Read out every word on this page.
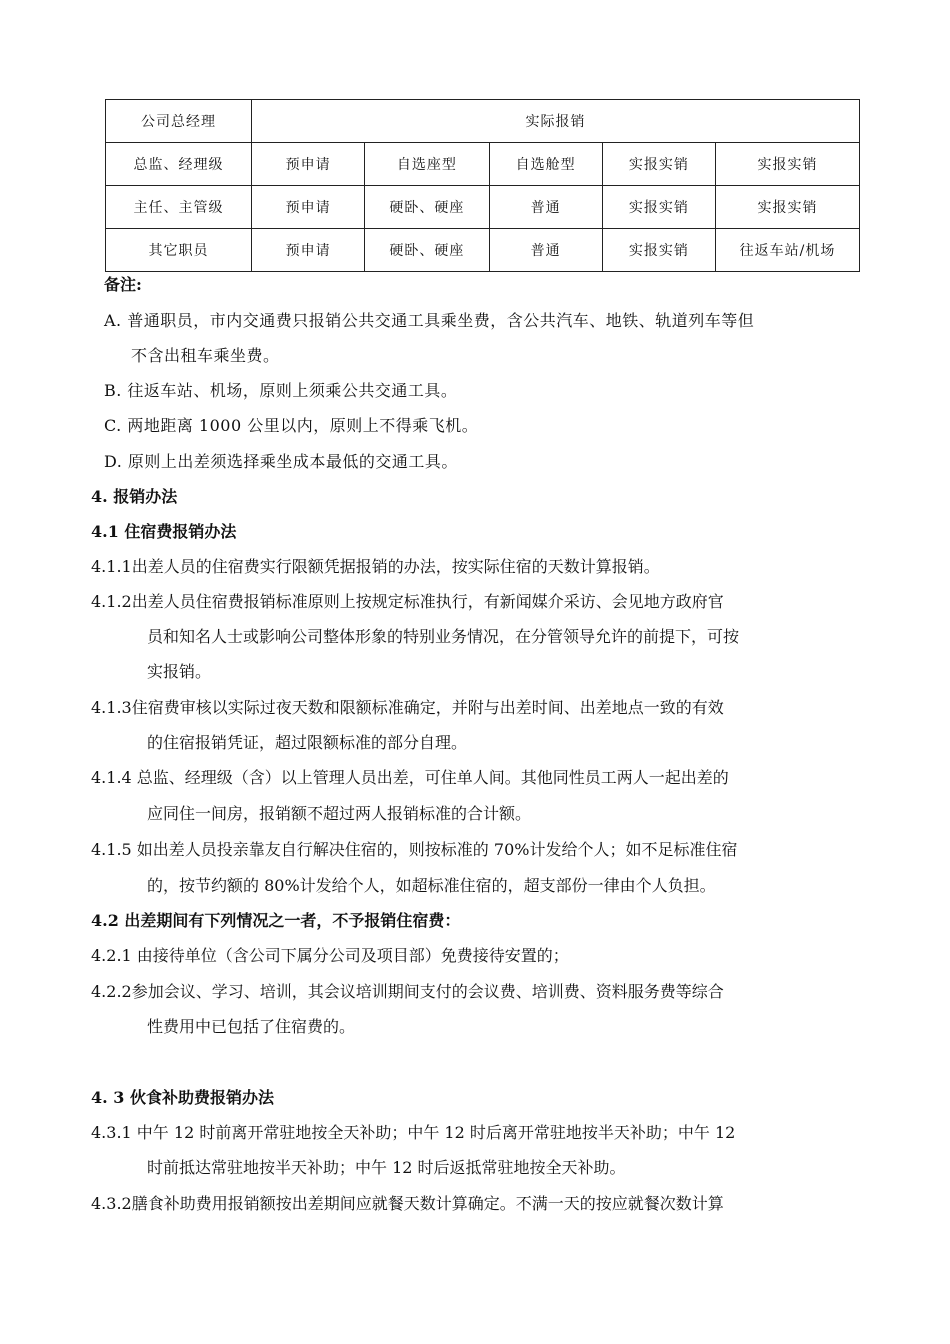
公司总经理	实际报销				
总监、经理级	预申请	自选座型	自选舱型	实报实销	实报实销
主任、主管级	预申请	硬卧、硬座	普通	实报实销	实报实销
其它职员	预申请	硬卧、硬座	普通	实报实销	往返车站/机场
备注:
A. 普通职员，市内交通费只报销公共交通工具乘坐费，含公共汽车、地铁、轨道列车等但
不含出租车乘坐费。
B. 往返车站、机场，原则上须乘公共交通工具。
C. 两地距离 1000 公里以内，原则上不得乘飞机。
D. 原则上出差须选择乘坐成本最低的交通工具。
4. 报销办法
4.1 住宿费报销办法
4.1.1出差人员的住宿费实行限额凭据报销的办法，按实际住宿的天数计算报销。
4.1.2出差人员住宿费报销标准原则上按规定标准执行，有新闻媒介采访、会见地方政府官
员和知名人士或影响公司整体形象的特别业务情况，在分管领导允许的前提下，可按
实报销。
4.1.3住宿费审核以实际过夜天数和限额标准确定，并附与出差时间、出差地点一致的有效
的住宿报销凭证，超过限额标准的部分自理。
4.1.4 总监、经理级（含）以上管理人员出差，可住单人间。其他同性员工两人一起出差的
应同住一间房，报销额不超过两人报销标准的合计额。
4.1.5 如出差人员投亲靠友自行解决住宿的，则按标准的 70%计发给个人；如不足标准住宿
的，按节约额的 80%计发给个人，如超标准住宿的，超支部份一律由个人负担。
4.2 出差期间有下列情况之一者，不予报销住宿费：
4.2.1 由接待单位（含公司下属分公司及项目部）免费接待安置的；
4.2.2参加会议、学习、培训，其会议培训期间支付的会议费、培训费、资料服务费等综合
性费用中已包括了住宿费的。
4. 3 伙食补助费报销办法
4.3.1 中午 12 时前离开常驻地按全天补助；中午 12 时后离开常驻地按半天补助；中午 12
时前抵达常驻地按半天补助；中午 12 时后返抵常驻地按全天补助。
4.3.2膳食补助费用报销额按出差期间应就餐天数计算确定。不满一天的按应就餐次数计算
